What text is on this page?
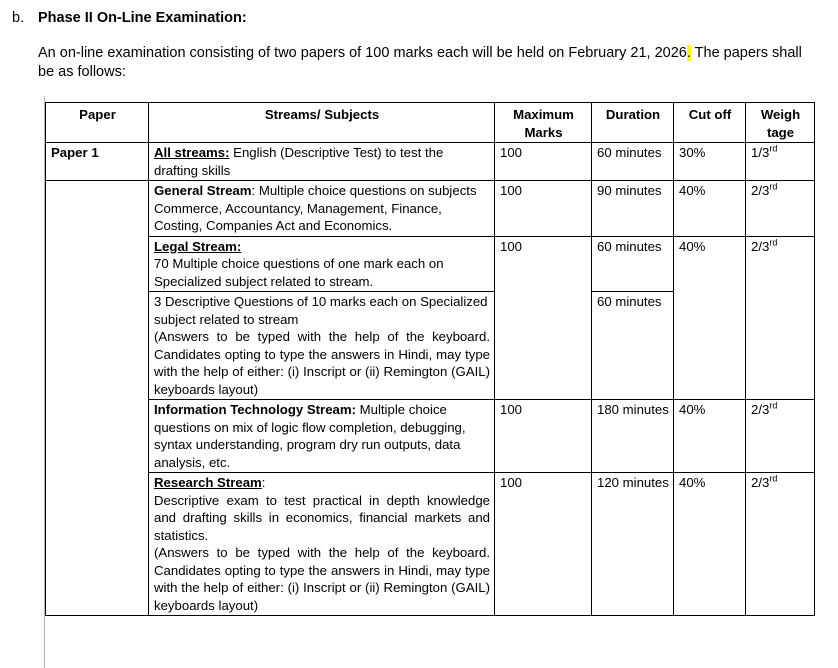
b. Phase II On-Line Examination:
An on-line examination consisting of two papers of 100 marks each will be held on February 21, 2026. The papers shall be as follows:
Paper	Streams/ Subjects	Maximum Marks	Duration	Cut off	Weigh tage
Paper 1	All streams: English (Descriptive Test) to test the drafting skills	100	60 minutes	30%	1/3rd
	General Stream: Multiple choice questions on subjects Commerce, Accountancy, Management, Finance, Costing, Companies Act and Economics.	100	90 minutes	40%	2/3rd
	Legal Stream:
70 Multiple choice questions of one mark each on Specialized subject related to stream.	100	60 minutes	40%	2/3rd
	3 Descriptive Questions of 10 marks each on Specialized subject related to stream

(Answers to be typed with the help of the keyboard. Candidates opting to type the answers in Hindi, may type with the help of either: (i) Inscript or (ii) Remington (GAIL) keyboards layout)		60 minutes		
	Information Technology Stream: Multiple choice questions on mix of logic flow completion, debugging, syntax understanding, program dry run outputs, data analysis, etc.	100	180 minutes	40%	2/3rd
	Research Stream:

Descriptive exam to test practical in depth knowledge and drafting skills in economics, financial markets and statistics.
(Answers to be typed with the help of the keyboard. Candidates opting to type the answers in Hindi, may type with the help of either: (i) Inscript or (ii) Remington (GAIL) keyboards layout)	100	120 minutes	40%	2/3rd
